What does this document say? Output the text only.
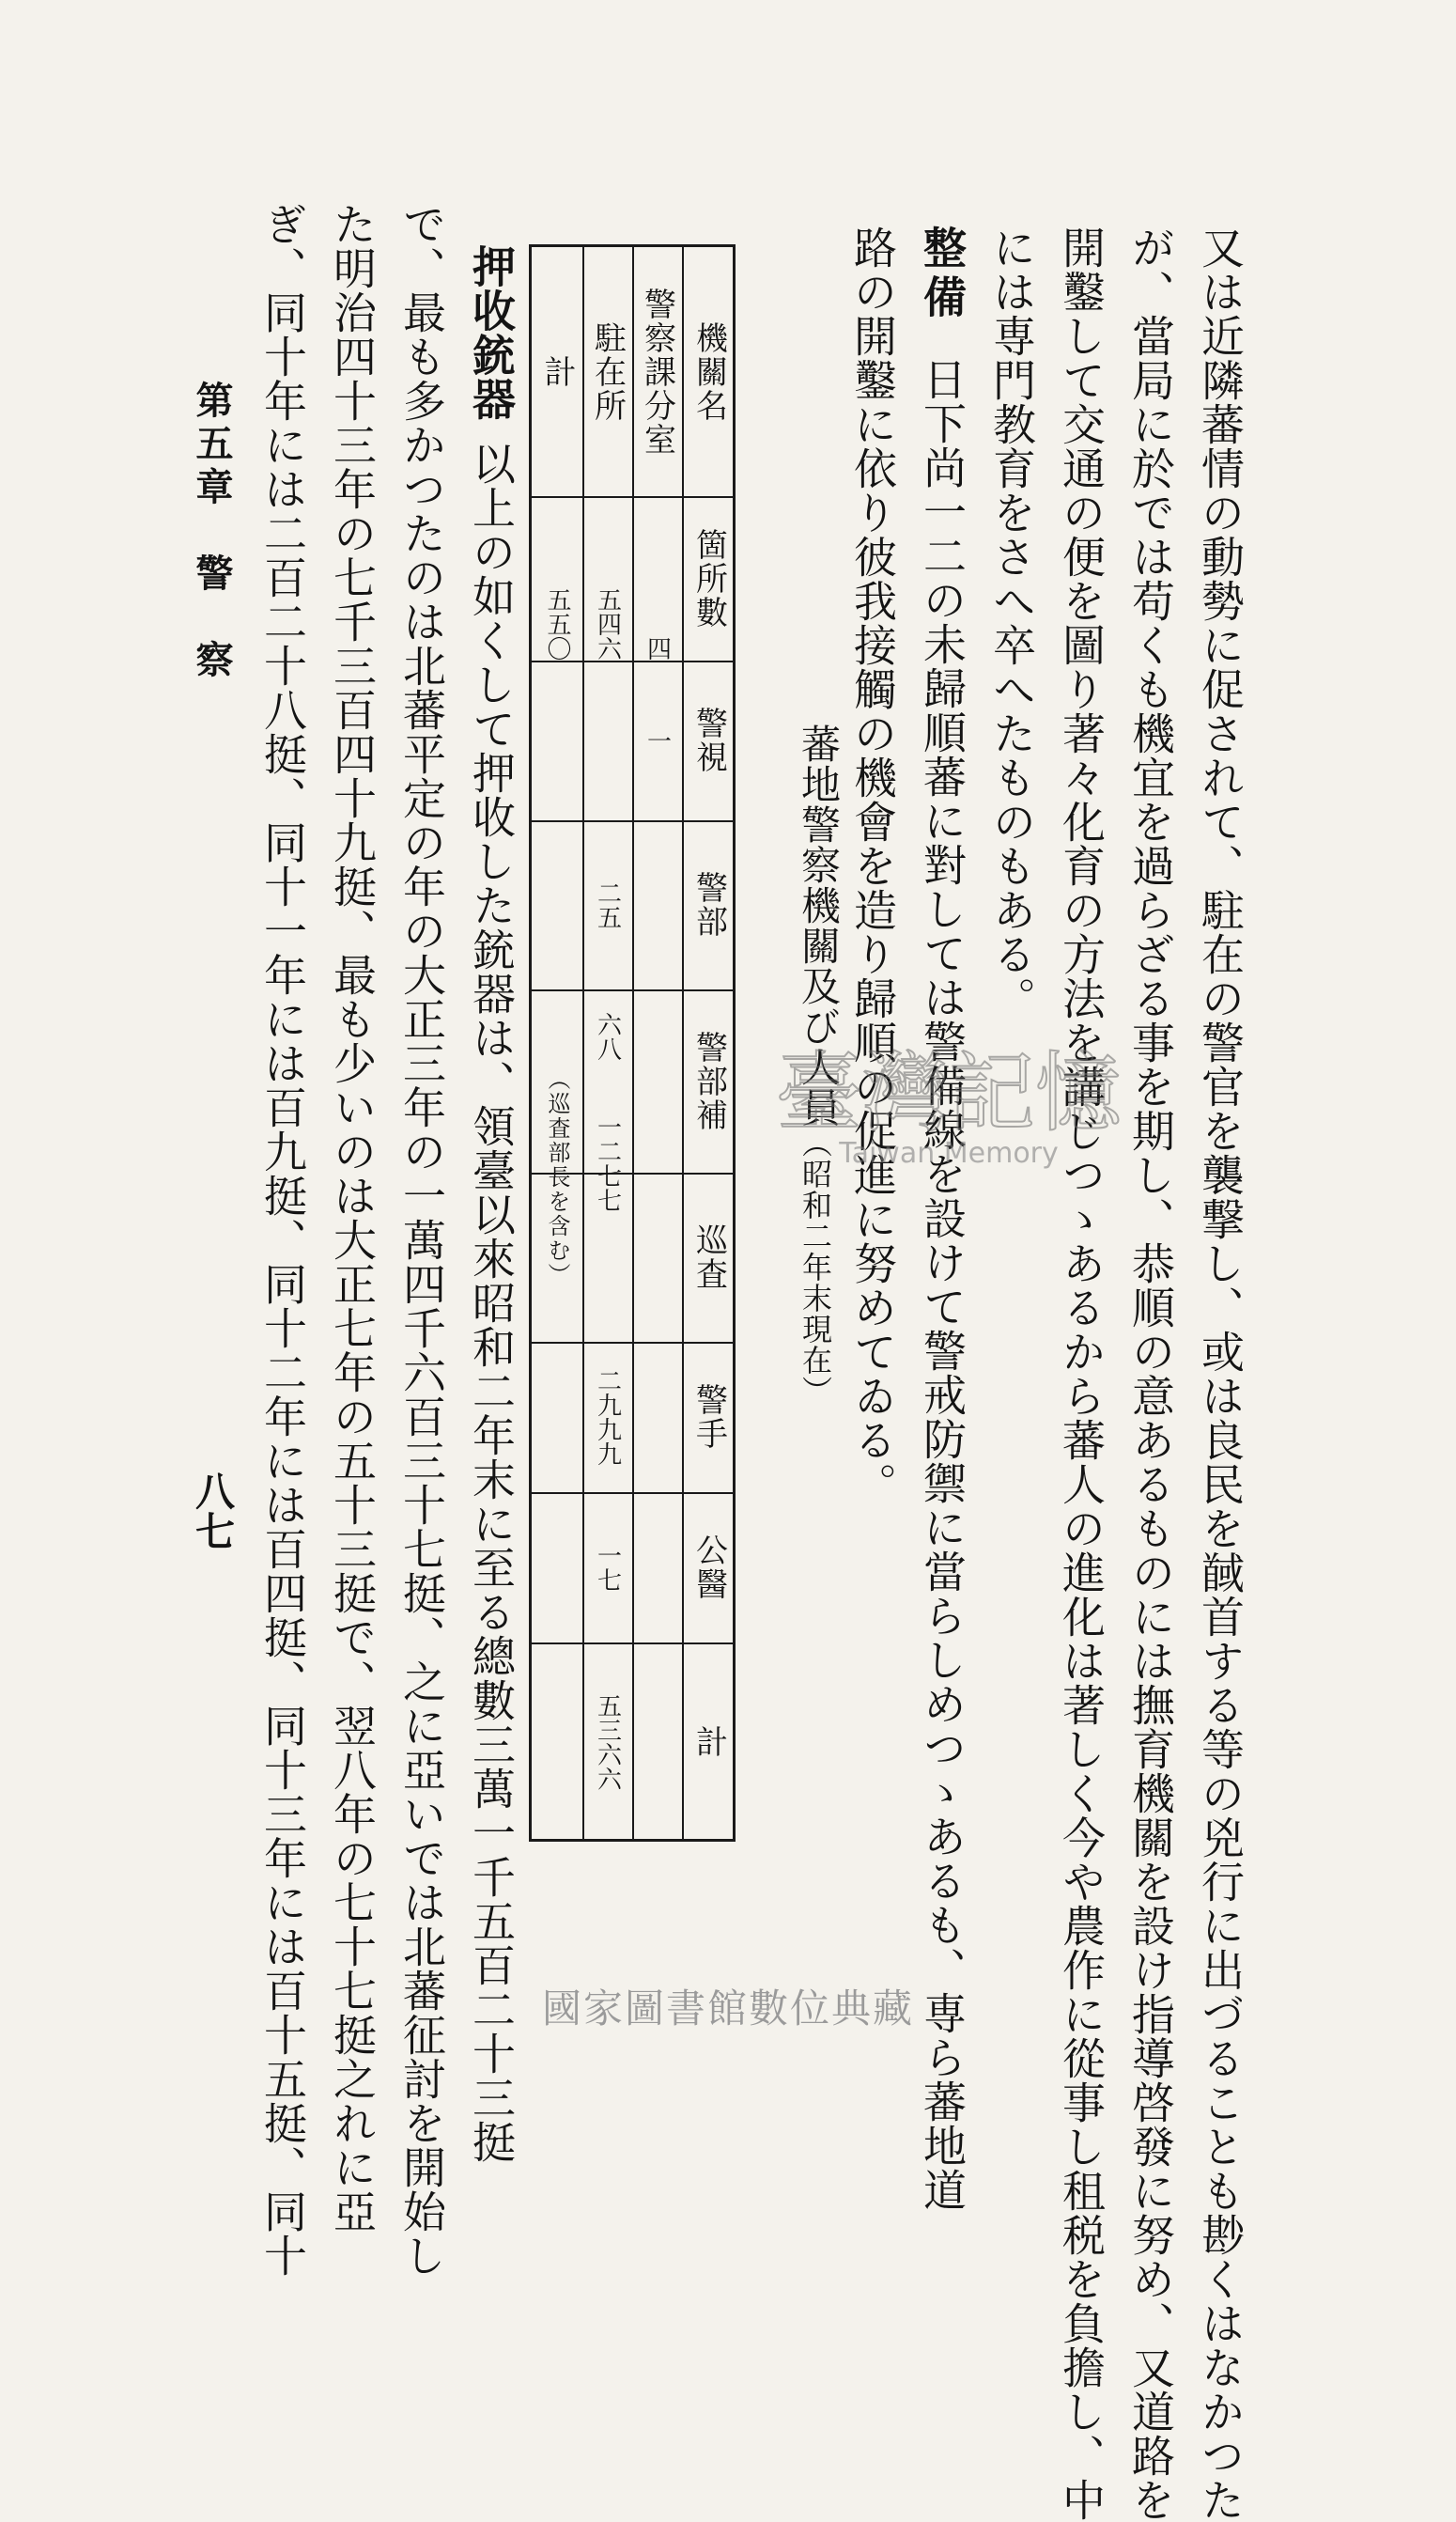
又は近隣蕃情の動勢に促されて、駐在の警官を襲撃し、或は良民を馘首する等の兇行に出づることも尠くはなかつた
が、當局に於では苟くも機宜を過らざる事を期し、恭順の意あるものには撫育機關を設け指導啓發に努め、又道路を
開鑿して交通の便を圖り著々化育の方法を講じつゝあるから蕃人の進化は著しく今や農作に從事し租税を負擔し、中
には専門教育をさへ卒へたものもある。
整備
日下尚一二の未歸順蕃に對しては警備線を設けて警戒防禦に當らしめつゝあるも、専ら蕃地道
路の開鑿に依り彼我接觸の機會を造り歸順の促進に努めてゐる。
蕃地警察機關及び人員
（昭和二年末現在）
機關名
箇所數
警視
警部
警部補
巡査
警手
公醫
計
警察課分室
四
駐在所
五四六
計
五五〇
一
二五
六八
一二七七
（巡査部長を含む）
二九九九
一七
五三六六
押收銃器
以上の如くして押收した銃器は、領臺以來昭和二年末に至る總數三萬一千五百二十三挺
で、最も多かつたのは北蕃平定の年の大正三年の一萬四千六百三十七挺、之に亞いでは北蕃征討を開始し
た明治四十三年の七千三百四十九挺、最も少いのは大正七年の五十三挺で、翌八年の七十七挺之れに亞
ぎ、同十年には二百二十八挺、同十一年には百九挺、同十二年には百四挺、同十三年には百十五挺、同十
第五章　警　察
八七
臺灣記憶
Taiwan Memory
國家圖書館數位典藏
